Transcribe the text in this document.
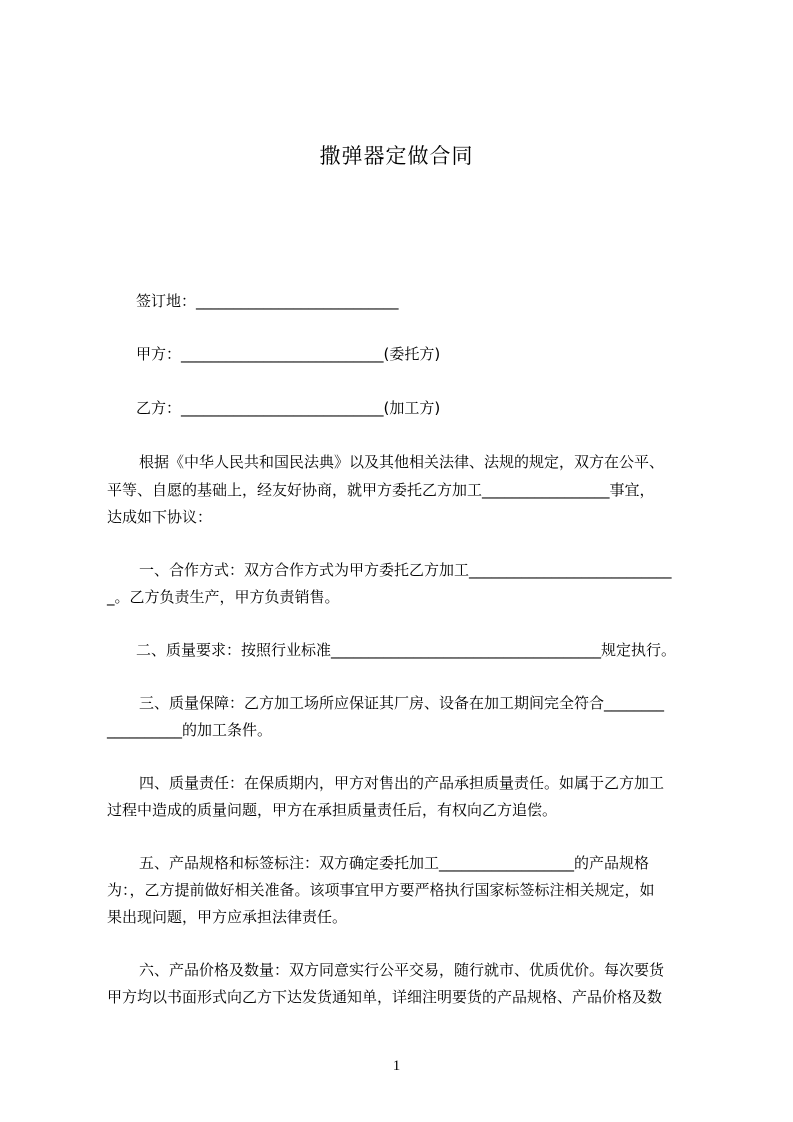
撒弹器定做合同
签订地：___________________________
甲方：___________________________(委托方)
乙方：___________________________(加工方)
根据《中华人民共和国民法典》以及其他相关法律、法规的规定，双方在公平、
平等、自愿的基础上，经友好协商，就甲方委托乙方加工_________________事宜，
达成如下协议：
一、合作方式：双方合作方式为甲方委托乙方加工___________________________
_。乙方负责生产，甲方负责销售。
二、质量要求：按照行业标准____________________________________规定执行。
三、质量保障：乙方加工场所应保证其厂房、设备在加工期间完全符合________
__________的加工条件。
四、质量责任：在保质期内，甲方对售出的产品承担质量责任。如属于乙方加工
过程中造成的质量问题，甲方在承担质量责任后，有权向乙方追偿。
五、产品规格和标签标注：双方确定委托加工__________________的产品规格
为：，乙方提前做好相关准备。该项事宜甲方要严格执行国家标签标注相关规定，如
果出现问题，甲方应承担法律责任。
六、产品价格及数量：双方同意实行公平交易，随行就市、优质优价。每次要货
甲方均以书面形式向乙方下达发货通知单，详细注明要货的产品规格、产品价格及数
1
